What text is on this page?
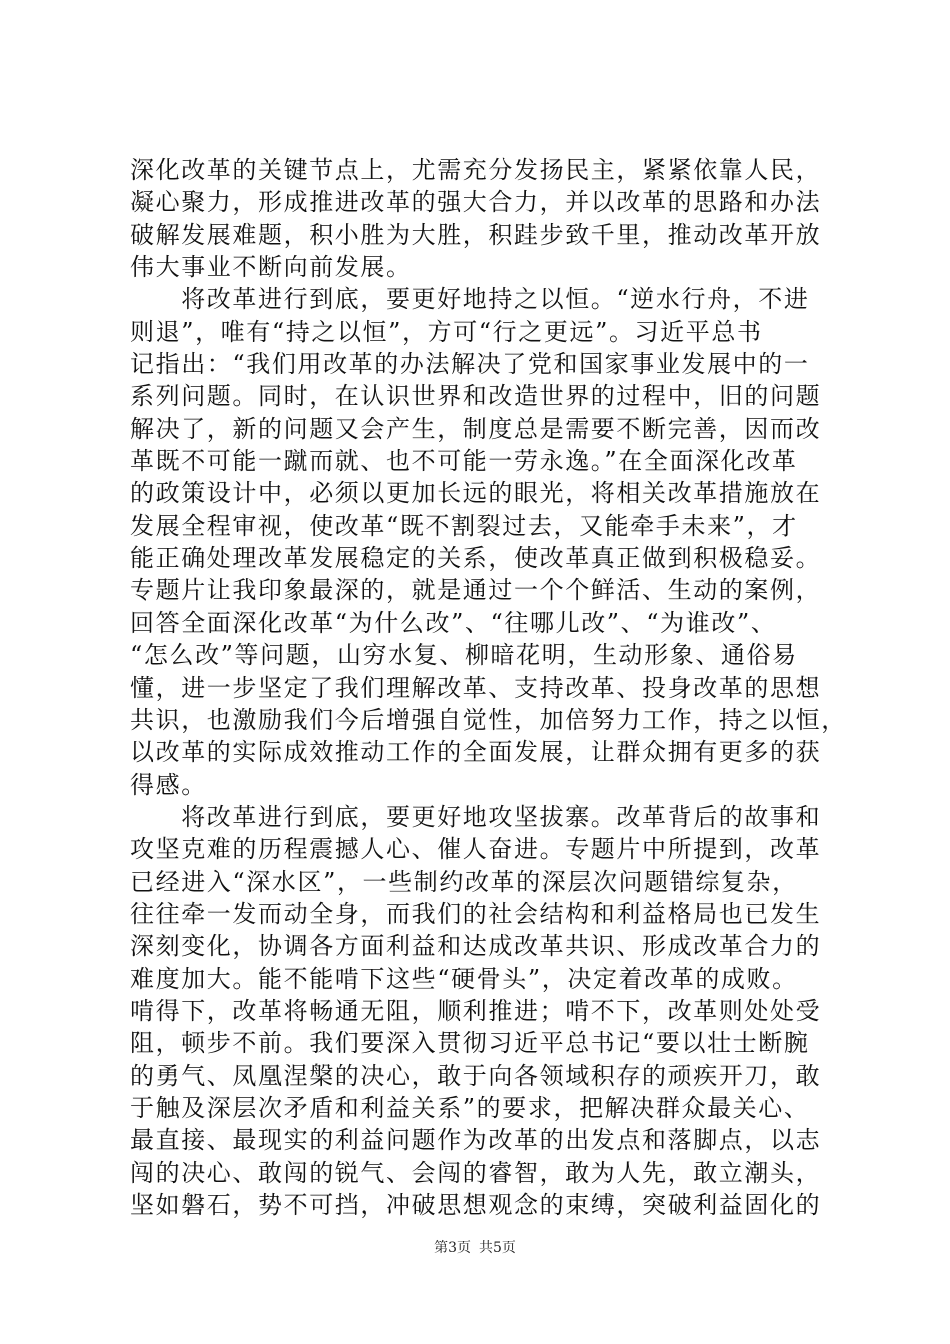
深化改革的关键节点上，尤需充分发扬民主，紧紧依靠人民，
凝心聚力，形成推进改革的强大合力，并以改革的思路和办法
破解发展难题，积小胜为大胜，积跬步致千里，推动改革开放
伟大事业不断向前发展。
　　将改革进行到底，要更好地持之以恒。“逆水行舟，不进
则退”，唯有“持之以恒”，方可“行之更远”。习近平总书
记指出：“我们用改革的办法解决了党和国家事业发展中的一
系列问题。同时，在认识世界和改造世界的过程中，旧的问题
解决了，新的问题又会产生，制度总是需要不断完善，因而改
革既不可能一蹴而就、也不可能一劳永逸。”在全面深化改革
的政策设计中，必须以更加长远的眼光，将相关改革措施放在
发展全程审视，使改革“既不割裂过去，又能牵手未来”，才
能正确处理改革发展稳定的关系，使改革真正做到积极稳妥。
专题片让我印象最深的，就是通过一个个鲜活、生动的案例，
回答全面深化改革“为什么改”、“往哪儿改”、“为谁改”、
“怎么改”等问题，山穷水复、柳暗花明，生动形象、通俗易
懂，进一步坚定了我们理解改革、支持改革、投身改革的思想
共识，也激励我们今后增强自觉性，加倍努力工作，持之以恒，
以改革的实际成效推动工作的全面发展，让群众拥有更多的获
得感。
　　将改革进行到底，要更好地攻坚拔寨。改革背后的故事和
攻坚克难的历程震撼人心、催人奋进。专题片中所提到，改革
已经进入“深水区”，一些制约改革的深层次问题错综复杂，
往往牵一发而动全身，而我们的社会结构和利益格局也已发生
深刻变化，协调各方面利益和达成改革共识、形成改革合力的
难度加大。能不能啃下这些“硬骨头”，决定着改革的成败。
啃得下，改革将畅通无阻，顺利推进；啃不下，改革则处处受
阻，顿步不前。我们要深入贯彻习近平总书记“要以壮士断腕
的勇气、凤凰涅槃的决心，敢于向各领域积存的顽疾开刀，敢
于触及深层次矛盾和利益关系”的要求，把解决群众最关心、
最直接、最现实的利益问题作为改革的出发点和落脚点，以志
闯的决心、敢闯的锐气、会闯的睿智，敢为人先，敢立潮头，
坚如磐石，势不可挡，冲破思想观念的束缚，突破利益固化的
第3页 共5页
